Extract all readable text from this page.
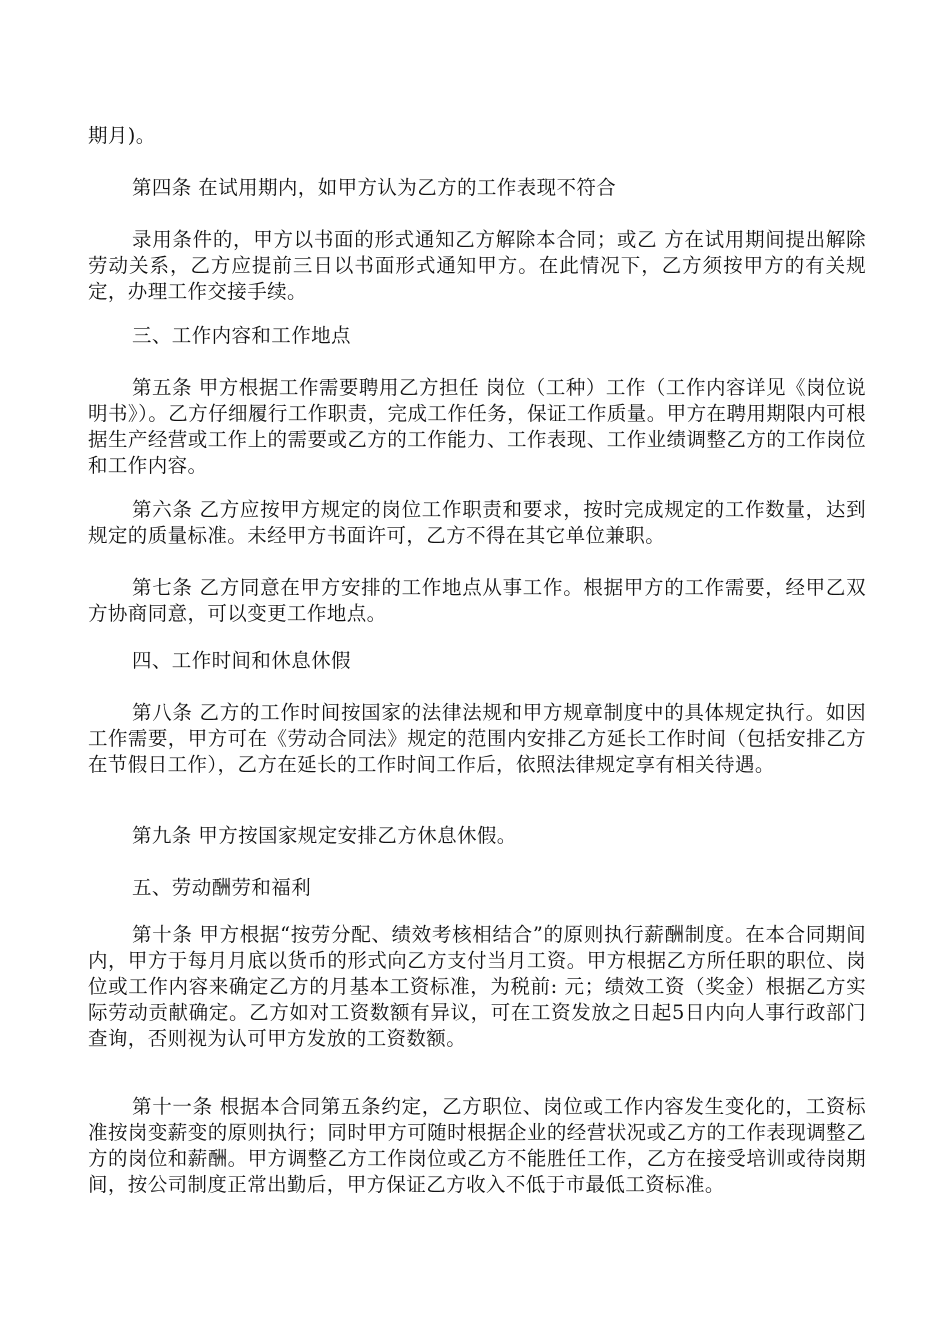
期月)。

第四条 在试用期内，如甲方认为乙方的工作表现不符合

录用条件的，甲方以书面的形式通知乙方解除本合同；或乙 方在试用期间提出解除劳动关系，乙方应提前三日以书面形式通知甲方。在此情况下，乙方须按甲方的有关规定，办理工作交接手续。

三、工作内容和工作地点

第五条 甲方根据工作需要聘用乙方担任 岗位（工种）工作（工作内容详见《岗位说明书》）。乙方仔细履行工作职责，完成工作任务，保证工作质量。甲方在聘用期限内可根据生产经营或工作上的需要或乙方的工作能力、工作表现、工作业绩调整乙方的工作岗位和工作内容。

第六条 乙方应按甲方规定的岗位工作职责和要求，按时完成规定的工作数量，达到规定的质量标准。未经甲方书面许可，乙方不得在其它单位兼职。

第七条 乙方同意在甲方安排的工作地点从事工作。根据甲方的工作需要，经甲乙双方协商同意，可以变更工作地点。

四、工作时间和休息休假

第八条 乙方的工作时间按国家的法律法规和甲方规章制度中的具体规定执行。如因工作需要，甲方可在《劳动合同法》规定的范围内安排乙方延长工作时间（包括安排乙方在节假日工作），乙方在延长的工作时间工作后，依照法律规定享有相关待遇。

第九条 甲方按国家规定安排乙方休息休假。

五、劳动酬劳和福利

第十条 甲方根据“按劳分配、绩效考核相结合”的原则执行薪酬制度。在本合同期间内，甲方于每月月底以货币的形式向乙方支付当月工资。甲方根据乙方所任职的职位、岗位或工作内容来确定乙方的月基本工资标准，为税前: 元；绩效工资（奖金）根据乙方实际劳动贡献确定。乙方如对工资数额有异议，可在工资发放之日起5日内向人事行政部门查询，否则视为认可甲方发放的工资数额。

第十一条 根据本合同第五条约定，乙方职位、岗位或工作内容发生变化的，工资标准按岗变薪变的原则执行；同时甲方可随时根据企业的经营状况或乙方的工作表现调整乙方的岗位和薪酬。甲方调整乙方工作岗位或乙方不能胜任工作，乙方在接受培训或待岗期间，按公司制度正常出勤后，甲方保证乙方收入不低于市最低工资标准。
